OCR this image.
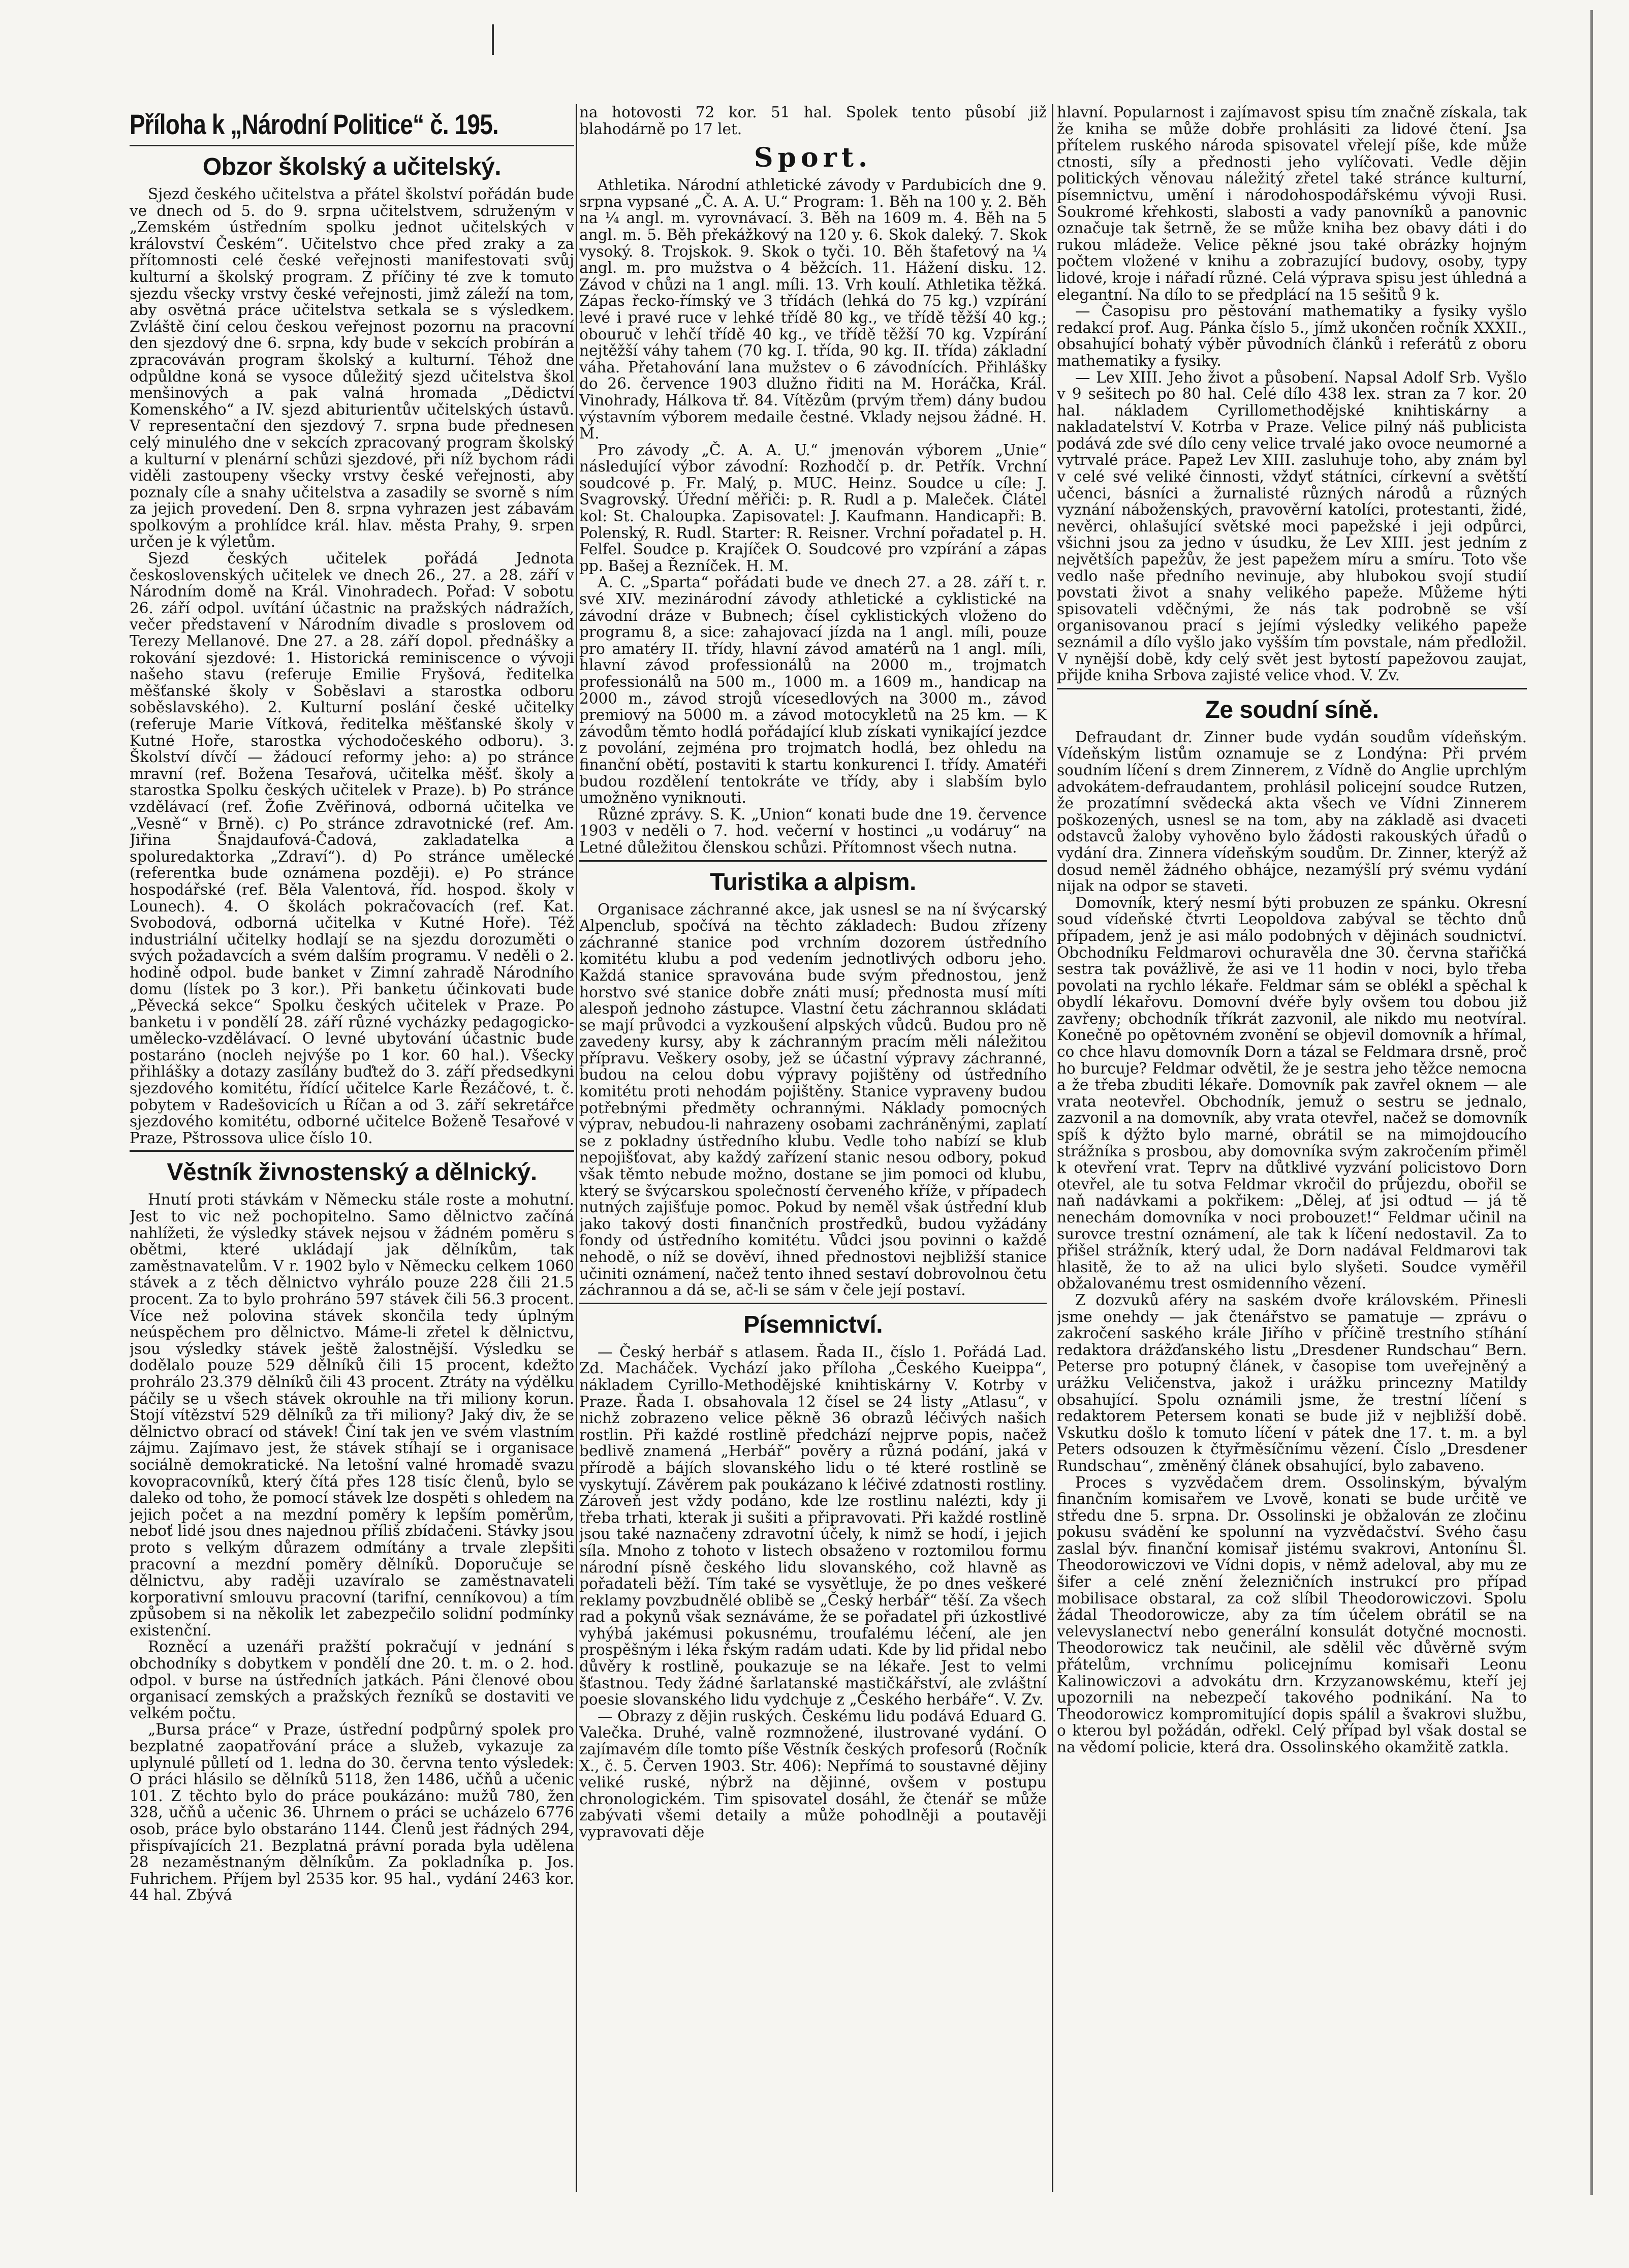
Příloha k „Národní Politice“ č. 195.
Obzor školský a učitelský.

Sjezd českého učitelstva a přátel školství pořádán bude ve dnech od 5. do 9. srpna učitelstvem, sdruženým v „Zemském ústředním spolku jednot učitelských v království Českém“. Učitelstvo chce před zraky a za přítomnosti celé české veřejnosti manifestovati svůj kulturní a školský program. Z příčiny té zve k tomuto sjezdu všecky vrstvy české veřejnosti, jimž záleží na tom, aby osvětná práce učitelstva setkala se s výsledkem. Zvláště činí celou českou veřejnost pozornu na pracovní den sjezdový dne 6. srpna, kdy bude v sekcích probírán a zpracováván program školský a kulturní. Téhož dne odpůldne koná se vysoce důležitý sjezd učitelstva škol menšinových a pak valná hromada „Dědictví Komenského“ a IV. sjezd abiturientův učitelských ústavů. V representační den sjezdový 7. srpna bude přednesen celý minulého dne v sekcích zpracovaný program školský a kulturní v plenární schůzi sjezdové, při níž bychom rádi viděli zastoupeny všecky vrstvy české veřejnosti, aby poznaly cíle a snahy učitelstva a zasadily se svorně s ním za jejich provedení. Den 8. srpna vyhrazen jest zábavám spolkovým a prohlídce král. hlav. města Prahy, 9. srpen určen je k výletům.

Sjezd českých učitelek pořádá Jednota československých učitelek ve dnech 26., 27. a 28. září v Národním domě na Král. Vinohradech. Pořad: V sobotu 26. září odpol. uvítání účastnic na pražských nádražích, večer představení v Národním divadle s proslovem od Terezy Mellanové. Dne 27. a 28. září dopol. přednášky a rokování sjezdové: 1. Historická reminiscence o vývoji našeho stavu (referuje Emilie Fryšová, ředitelka měšťanské školy v Soběslavi a starostka odboru soběslavského). 2. Kulturní poslání české učitelky (referuje Marie Vítková, ředitelka měšťanské školy v Kutné Hoře, starostka východočeského odboru). 3. Školství dívčí — žádoucí reformy jeho: a) po stránce mravní (ref. Božena Tesařová, učitelka měšť. školy a starostka Spolku českých učitelek v Praze). b) Po stránce vzdělávací (ref. Žofie Zvěřinová, odborná učitelka ve „Vesně“ v Brně). c) Po stránce zdravotnické (ref. Am. Jiřina Šnajdaufová-Čadová, zakladatelka a spoluredaktorka „Zdraví“). d) Po stránce umělecké (referentka bude oznámena později). e) Po stránce hospodářské (ref. Běla Valentová, říd. hospod. školy v Lounech). 4. O školách pokračovacích (ref. Kat. Svobodová, odborná učitelka v Kutné Hoře). Též industriální učitelky hodlají se na sjezdu dorozuměti o svých požadavcích a svém dalším programu. V neděli o 2. hodině odpol. bude banket v Zimní zahradě Národního domu (lístek po 3 kor.). Při banketu účinkovati bude „Pěvecká sekce“ Spolku českých učitelek v Praze. Po banketu i v pondělí 28. září různé vycházky pedagogicko-umělecko-vzdělávací. O levné ubytování účastnic bude postaráno (nocleh nejvýše po 1 kor. 60 hal.). Všecky přihlášky a dotazy zasílány buďtež do 3. září předsedkyni sjezdového komitétu, řídící učitelce Karle Řezáčové, t. č. pobytem v Radešovicích u Říčan a od 3. září sekretářce sjezdového komitétu, odborné učitelce Boženě Tesařové v Praze, Pštrossova ulice číslo 10.

Věstník živnostenský a dělnický.

Hnutí proti stávkám v Německu stále roste a mohutní. Jest to vic než pochopitelno. Samo dělnictvo začíná nahlížeti, že výsledky stávek nejsou v žádném poměru s obětmi, které ukládají jak dělníkům, tak zaměstnavatelům. V r. 1902 bylo v Německu celkem 1060 stávek a z těch dělnictvo vyhrálo pouze 228 čili 21.5 procent. Za to bylo prohráno 597 stávek čili 56.3 procent. Více než polovina stávek skončila tedy úplným neúspěchem pro dělnictvo. Máme-li zřetel k dělnictvu, jsou výsledky stávek ještě žalostnější. Výsledku se dodělalo pouze 529 dělníků čili 15 procent, kdežto prohrálo 23.379 dělníků čili 43 procent. Ztráty na výdělku páčily se u všech stávek okrouhle na tři miliony korun. Stojí vítězství 529 dělníků za tři miliony? Jaký div, že se dělnictvo obrací od stávek! Činí tak jen ve svém vlastním zájmu. Zajímavo jest, že stávek stíhají se i organisace sociálně demokratické. Na letošní valné hromadě svazu kovopracovníků, který čítá přes 128 tisíc členů, bylo se daleko od toho, že pomocí stávek lze dospěti s ohledem na jejich počet a na mezdní poměry k lepším poměrům, neboť lidé jsou dnes najednou příliš zbídačeni. Stávky jsou proto s velkým důrazem odmítány a trvale zlepšiti pracovní a mezdní poměry dělníků. Doporučuje se dělnictvu, aby raději uzavíralo se zaměstnavateli korporativní smlouvu pracovní (tarifní, cenníkovou) a tím způsobem si na několik let zabezpečilo solidní podmínky existenční.

Rozněcí a uzenáři pražští pokračují v jednání s obchodníky s dobytkem v pondělí dne 20. t. m. o 2. hod. odpol. v burse na ústředních jatkách. Páni členové obou organisací zemských a pražských řezníků se dostaviti ve velkém počtu.

„Bursa práce“ v Praze, ústřední podpůrný spolek pro bezplatné zaopatřování práce a služeb, vykazuje za uplynulé půlletí od 1. ledna do 30. června tento výsledek: O práci hlásilo se dělníků 5118, žen 1486, učňů a učenic 101. Z těchto bylo do práce poukázáno: mužů 780, žen 328, učňů a učenic 36. Uhrnem o práci se ucházelo 6776 osob, práce bylo obstaráno 1144. Členů jest řádných 294, přispívajících 21. Bezplatná právní porada byla udělena 28 nezaměstnaným dělníkům. Za pokladníka p. Jos. Fuhrichem. Příjem byl 2535 kor. 95 hal., vydání 2463 kor. 44 hal. Zbývá

na hotovosti 72 kor. 51 hal. Spolek tento působí již blahodárně po 17 let.

Sport.

Athletika. Národní athletické závody v Pardubicích dne 9. srpna vypsané „Č. A. A. U.“ Program: 1. Běh na 100 y. 2. Běh na ¼ angl. m. vyrovnávací. 3. Běh na 1609 m. 4. Běh na 5 angl. m. 5. Běh překážkový na 120 y. 6. Skok daleký. 7. Skok vysoký. 8. Trojskok. 9. Skok o tyči. 10. Běh štafetový na ¼ angl. m. pro mužstva o 4 běžcích. 11. Hážení disku. 12. Závod v chůzi na 1 angl. míli. 13. Vrh koulí. Athletika těžká. Zápas řecko-římský ve 3 třídách (lehká do 75 kg.) vzpírání levé i pravé ruce v lehké třídě 80 kg., ve třídě těžší 40 kg.; obouruč v lehčí třídě 40 kg., ve třídě těžší 70 kg. Vzpírání nejtěžší váhy tahem (70 kg. I. třída, 90 kg. II. třída) základní váha. Přetahování lana mužstev o 6 závodnících. Přihlášky do 26. července 1903 dlužno řiditi na M. Horáčka, Král. Vinohrady, Hálkova tř. 84. Vítězům (prvým třem) dány budou výstavním výborem medaile čestné. Vklady nejsou žádné. H. M.

Pro závody „Č. A. A. U.“ jmenován výborem „Unie“ následující výbor závodní: Rozhodčí p. dr. Petřík. Vrchní soudcové p. Fr. Malý, p. MUC. Heinz. Soudce u cíle: J. Svagrovský. Úřední měřiči: p. R. Rudl a p. Maleček. Člátel kol: St. Chaloupka. Zapisovatel: J. Kaufmann. Handicapři: B. Polenský, R. Rudl. Starter: R. Reisner. Vrchní pořadatel p. H. Felfel. Soudce p. Krajíček O. Soudcové pro vzpírání a zápas pp. Bašej a Řezníček. H. M.

A. C. „Sparta“ pořádati bude ve dnech 27. a 28. září t. r. své XIV. mezinárodní závody athletické a cyklistické na závodní dráze v Bubnech; čísel cyklistických vloženo do programu 8, a sice: zahajovací jízda na 1 angl. míli, pouze pro amatéry II. třídy, hlavní závod amatérů na 1 angl. míli, hlavní závod professionálů na 2000 m., trojmatch professionálů na 500 m., 1000 m. a 1609 m., handicap na 2000 m., závod strojů vícesedlových na 3000 m., závod premiový na 5000 m. a závod motocykletů na 25 km. — K závodům těmto hodlá pořádající klub získati vynikající jezdce z povolání, zejména pro trojmatch hodlá, bez ohledu na finanční obětí, postaviti k startu konkurenci I. třídy. Amatéři budou rozdělení tentokráte ve třídy, aby i slabším bylo umožněno vyniknouti.

Různé zprávy. S. K. „Union“ konati bude dne 19. července 1903 v neděli o 7. hod. večerní v hostinci „u vodáruy“ na Letné důležitou členskou schůzi. Přítomnost všech nutna.

Turistika a alpism.

Organisace záchranné akce, jak usnesl se na ní švýcarský Alpenclub, spočívá na těchto základech: Budou zřízeny záchranné stanice pod vrchním dozorem ústředního komitétu klubu a pod vedením jednotlivých odboru jeho. Každá stanice spravována bude svým přednostou, jenž horstvo své stanice dobře znáti musí; přednosta musí míti alespoň jednoho zástupce. Vlastní četu záchrannou skládati se mají průvodci a vyzkoušení alpských vůdců. Budou pro ně zavedeny kursy, aby k záchranným pracím měli náležitou přípravu. Veškery osoby, jež se účastní výpravy záchranné, budou na celou dobu výpravy pojištěny od ústředního komitétu proti nehodám pojištěny. Stanice vypraveny budou potřebnými předměty ochrannými. Náklady pomocných výprav, nebudou-li nahrazeny osobami zachráněnými, zaplatí se z pokladny ústředního klubu. Vedle toho nabízí se klub nepojišťovat, aby každý zařízení stanic nesou odbory, pokud však těmto nebude možno, dostane se jim pomoci od klubu, který se švýcarskou společností červeného kříže, v případech nutných zajišťuje pomoc. Pokud by neměl však ústřední klub jako takový dosti finančních prostředků, budou vyžádány fondy od ústředního komitétu. Vůdci jsou povinni o každé nehodě, o níž se dověví, ihned přednostovi nejbližší stanice učiniti oznámení, načež tento ihned sestaví dobrovolnou četu záchrannou a dá se, ač-li se sám v čele její postaví.

Písemnictví.

— Český herbář s atlasem. Řada II., číslo 1. Pořádá Lad. Zd. Macháček. Vychází jako příloha „Českého Kueippa“, nákladem Cyrillo-Methodějské knihtiskárny V. Kotrby v Praze. Řada I. obsahovala 12 čísel se 24 listy „Atlasu“, v nichž zobrazeno velice pěkně 36 obrazů léčivých našich rostlin. Při každé rostlině předchází nejprve popis, načež bedlivě znamená „Herbář“ pověry a různá podání, jaká v přírodě a bájích slovanského lidu o té které rostlině se vyskytují. Závěrem pak poukázano k léčivé zdatnosti rostliny. Zároveň jest vždy podáno, kde lze rostlinu nalézti, kdy ji třeba trhati, kterak ji sušiti a připravovati. Při každé rostlině jsou také naznačeny zdravotní účely, k nimž se hodí, i jejich síla. Mnoho z tohoto v listech obsaženo v roztomilou formu národní písně českého lidu slovanského, což hlavně as pořadateli běží. Tím také se vysvětluje, že po dnes veškeré reklamy povzbudnělé oblibě se „Český herbář“ těší. Za všech rad a pokynů však seznáváme, že se pořadatel při úzkostlivé vyhýbá jakémusi pokusnému, troufalému léčení, ale jen prospěšným i léka řským radám udati. Kde by lid přidal nebo důvěry k rostlině, poukazuje se na lékaře. Jest to velmi šťastnou. Tedy žádné šarlatanské mastičkářství, ale zvláštní poesie slovanského lidu vydchuje z „Českého herbáře“. V. Zv.

— Obrazy z dějin ruských. Českému lidu podává Eduard G. Valečka. Druhé, valně rozmnožené, ilustrované vydání. O zajímavém díle tomto píše Věstník českých profesorů (Ročník X., č. 5. Červen 1903. Str. 406): Nepřímá to soustavné dějiny veliké ruské, nýbrž na dějinné, ovšem v postupu chronologickém. Tim spisovatel dosáhl, že čtenář se může zabývati všemi detaily a může pohodlněji a poutavěji vypravovati děje

hlavní. Popularnost i zajímavost spisu tím značně získala, tak že kniha se může dobře prohlásiti za lidové čtení. Jsa přítelem ruského národa spisovatel vřelejí píše, kde může ctnosti, síly a přednosti jeho vylíčovati. Vedle dějin politických věnovau náležitý zřetel také stránce kulturní, písemnictvu, umění i národohospodářskému vývoji Rusi. Soukromé křehkosti, slabosti a vady panovníků a panovnic označuje tak šetrně, že se může kniha bez obavy dáti i do rukou mládeže. Velice pěkné jsou také obrázky hojným počtem vložené v knihu a zobrazující budovy, osoby, typy lidové, kroje i nářadí různé. Celá výprava spisu jest úhledná a elegantní. Na dílo to se předplácí na 15 sešitů 9 k.

— Časopisu pro pěstování mathematiky a fysiky vyšlo redakcí prof. Aug. Pánka číslo 5., jímž ukončen ročník XXXII., obsahující bohatý výběr původních článků i referátů z oboru mathematiky a fysiky.

— Lev XIII. Jeho život a působení. Napsal Adolf Srb. Vyšlo v 9 sešitech po 80 hal. Celé dílo 438 lex. stran za 7 kor. 20 hal. nákladem Cyrillomethodějské knihtiskárny a nakladatelství V. Kotrba v Praze. Velice pilný náš publicista podává zde své dílo ceny velice trvalé jako ovoce neumorné a vytrvalé práce. Papež Lev XIII. zasluhuje toho, aby znám byl v celé své veliké činnosti, vždyť státníci, církevní a světští učenci, básníci a žurnalisté různých národů a různých vyznání náboženských, pravověrní katolíci, protestanti, židé, nevěrci, ohlašující světské moci papežské i jeji odpůrci, všichni jsou za jedno v úsudku, že Lev XIII. jest jedním z největších papežův, že jest papežem míru a smíru. Toto vše vedlo naše předního nevinuje, aby hlubokou svojí studií povstati život a snahy velikého papeže. Můžeme hýti spisovateli vděčnými, že nás tak podrobně se vší organisovanou prací s jejími výsledky velikého papeže seznámil a dílo vyšlo jako vyšším tím povstale, nám předložil. V nynější době, kdy celý svět jest bytostí papežovou zaujat, přijde kniha Srbova zajisté velice vhod. V. Zv.

Ze soudní síně.

Defraudant dr. Zinner bude vydán soudům vídeňským. Vídeňským listům oznamuje se z Londýna: Při prvém soudním líčení s drem Zinnerem, z Vídně do Anglie uprchlým advokátem-defraudantem, prohlásil policejní soudce Rutzen, že prozatímní svědecká akta všech ve Vídni Zinnerem poškozených, usnesl se na tom, aby na základě asi dvaceti odstavců žaloby vyhověno bylo žádosti rakouských úřadů o vydání dra. Zinnera vídeňským soudům. Dr. Zinner, kterýž až dosud neměl žádného obhájce, nezamýšlí prý svému vydání nijak na odpor se staveti.

Domovník, který nesmí býti probuzen ze spánku. Okresní soud vídeňské čtvrti Leopoldova zabýval se těchto dnů případem, jenž je asi málo podobných v dějinách soudnictví. Obchodníku Feldmarovi ochuravěla dne 30. června stařičká sestra tak povážlivě, že asi ve 11 hodin v noci, bylo třeba povolati na rychlo lékaře. Feldmar sám se oblékl a spěchal k obydlí lékařovu. Domovní dvéře byly ovšem tou dobou již zavřeny; obchodník tříkrát zazvonil, ale nikdo mu neotvíral. Konečně po opětovném zvonění se objevil domovník a hřímal, co chce hlavu domovník Dorn a tázal se Feldmara drsně, proč ho burcuje? Feldmar odvětil, že je sestra jeho těžce nemocna a že třeba zbuditi lékaře. Domovník pak zavřel oknem — ale vrata neotevřel. Obchodník, jemuž o sestru se jednalo, zazvonil a na domovník, aby vrata otevřel, načež se domovník spíš k dýžto bylo marné, obrátil se na mimojdoucího strážníka s prosbou, aby domovníka svým zakročením přiměl k otevření vrat. Teprv na důtklivé vyzvání policistovo Dorn otevřel, ale tu sotva Feldmar vkročil do průjezdu, obořil se naň nadávkami a pokřikem: „Dělej, ať jsi odtud — já tě nenechám domovníka v noci probouzet!“ Feldmar učinil na surovce trestní oznámení, ale tak k líčení nedostavil. Za to přišel strážník, který udal, že Dorn nadával Feldmarovi tak hlasitě, že to až na ulici bylo slyšeti. Soudce vyměřil obžalovanému trest osmidenního vězení.

Z dozvuků aféry na saském dvoře královském. Přinesli jsme onehdy — jak čtenářstvo se pamatuje — zprávu o zakročení saského krále Jiřího v příčině trestního stíhání redaktora drážďanského listu „Dresdener Rundschau“ Bern. Peterse pro potupný článek, v časopise tom uveřejněný a urážku Veličenstva, jakož i urážku princezny Matildy obsahující. Spolu oznámili jsme, že trestní líčení s redaktorem Petersem konati se bude již v nejbližší době. Vskutku došlo k tomuto líčení v pátek dne 17. t. m. a byl Peters odsouzen k čtyřměsíčnímu vězení. Číslo „Dresdener Rundschau“, změněný článek obsahující, bylo zabaveno.

Proces s vyzvědačem drem. Ossolinským, bývalým finančním komisařem ve Lvově, konati se bude určitě ve středu dne 5. srpna. Dr. Ossolinski je obžalován ze zločinu pokusu svádění ke spolunní na vyzvědačství. Svého času zaslal býv. finanční komisař jistému svakrovi, Antonínu Šl. Theodorowiczovi ve Vídni dopis, v němž adeloval, aby mu ze šifer a celé znění železničních instrukcí pro případ mobilisace obstaral, za což slíbil Theodorowiczovi. Spolu žádal Theodorowicze, aby za tím účelem obrátil se na velevyslanectví nebo generální konsulát dotyčné mocnosti. Theodorowicz tak neučinil, ale sdělil věc důvěrně svým přátelům, vrchnímu policejnímu komisaři Leonu Kalinowiczovi a advokátu drn. Krzyzanowskému, kteří jej upozornili na nebezpečí takového podnikání. Na to Theodorowicz kompromitující dopis spálil a švakrovi službu, o kterou byl požádán, odřekl. Celý případ byl však dostal se na vědomí policie, která dra. Ossolinského okamžitě zatkla.
